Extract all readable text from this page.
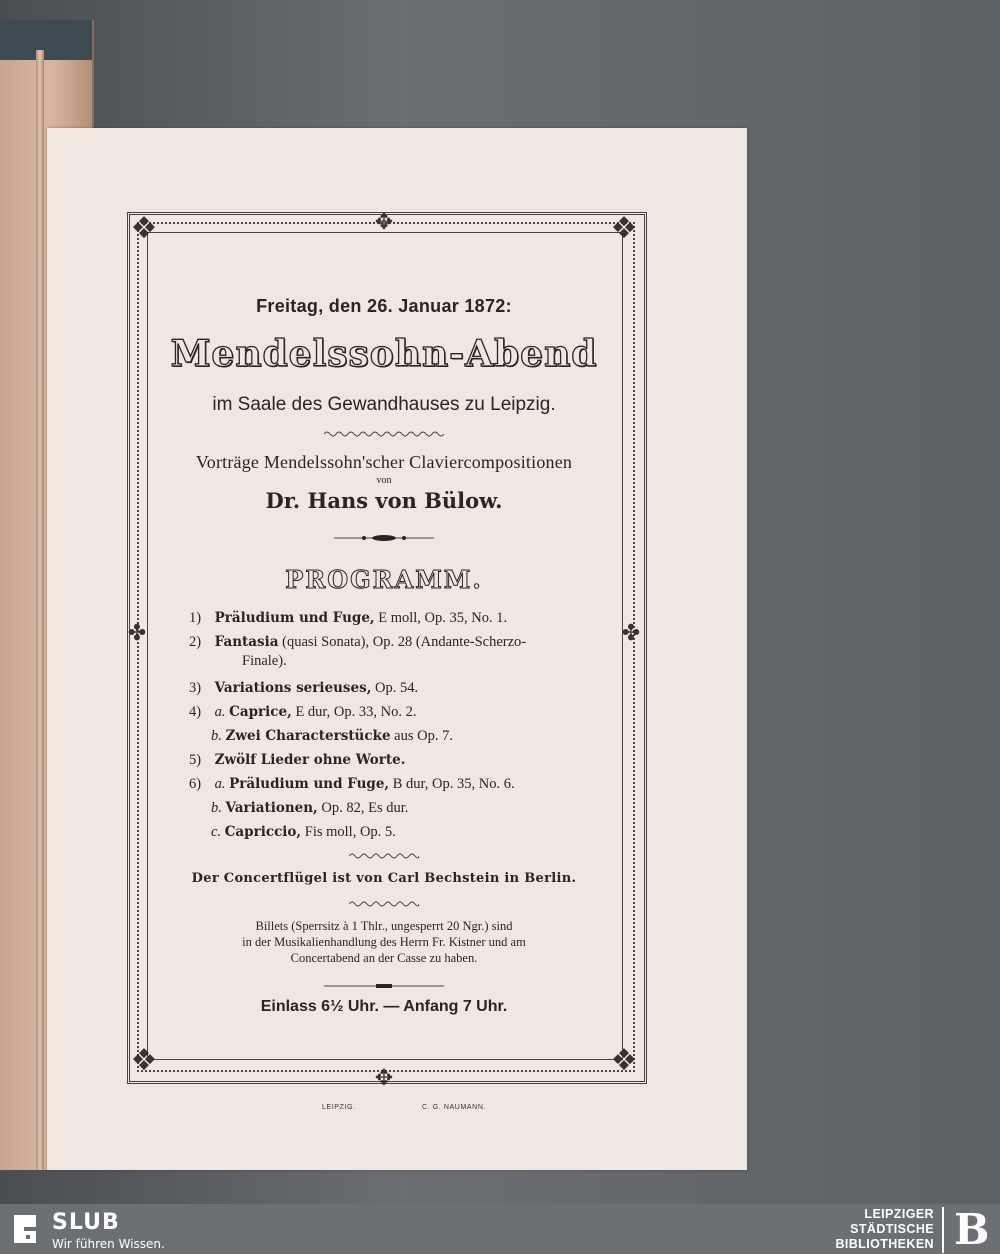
❖	❖
❖	❖
✥
✥
✤	✤
Freitag, den 26. Januar 1872:
Mendelssohn-Abend
im Saale des Gewandhauses zu Leipzig.
Vorträge Mendelssohn'scher Claviercompositionen
von
Dr. Hans von Bülow.
PROGRAMM.
1) Präludium und Fuge, E moll, Op. 35, No. 1.
2) Fantasia (quasi Sonata), Op. 28 (Andante-Scherzo-
Finale).
3) Variations serieuses, Op. 54.
4) a. Caprice, E dur, Op. 33, No. 2.
b. Zwei Characterstücke aus Op. 7.
5) Zwölf Lieder ohne Worte.
6) a. Präludium und Fuge, B dur, Op. 35, No. 6.
b. Variationen, Op. 82, Es dur.
c. Capriccio, Fis moll, Op. 5.
Der Concertflügel ist von Carl Bechstein in Berlin.
Billets (Sperrsitz à 1 Thlr., ungesperrt 20 Ngr.) sind
in der Musikalienhandlung des Herrn Fr. Kistner und am
Concertabend an der Casse zu haben.
Einlass 6½ Uhr. — Anfang 7 Uhr.
LEIPZIG.	C. G. NAUMANN.
SLUB
Wir führen Wissen.
LEIPZIGER
STÄDTISCHE
BIBLIOTHEKEN B
